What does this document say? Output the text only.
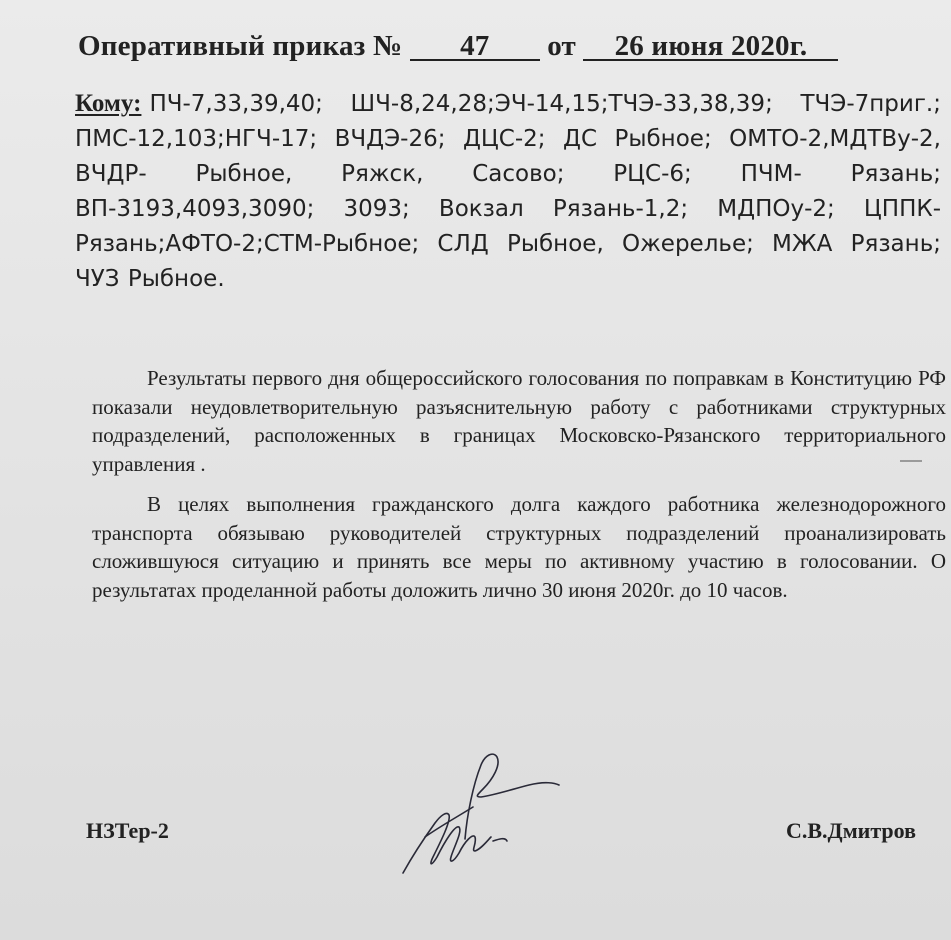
Оперативный приказ № 47 от 26 июня 2020г.
Кому: ПЧ-7,33,39,40; ШЧ-8,24,28;ЭЧ-14,15;ТЧЭ-33,38,39; ТЧЭ-7приг.; ПМС-12,103;НГЧ-17; ВЧДЭ-26; ДЦС-2; ДС Рыбное; ОМТО-2,МДТВу-2, ВЧДР- Рыбное, Ряжск, Сасово; РЦС-6; ПЧМ- Рязань; ВП-3193,4093,3090; 3093; Вокзал Рязань-1,2; МДПОу-2; ЦППК-Рязань;АФТО-2;СТМ-Рыбное; СЛД Рыбное, Ожерелье; МЖА Рязань; ЧУЗ Рыбное.

Результаты первого дня общероссийского голосования по поправкам в Конституцию РФ показали неудовлетворительную разъяснительную работу с работниками структурных подразделений, расположенных в границах Московско-Рязанского территориального управления .

В целях выполнения гражданского долга каждого работника железнодорожного транспорта обязываю руководителей структурных подразделений проанализировать сложившуюся ситуацию и принять все меры по активному участию в голосовании. О результатах проделанной работы доложить лично 30 июня 2020г. до 10 часов.

НЗТер-2	С.В.Дмитров
